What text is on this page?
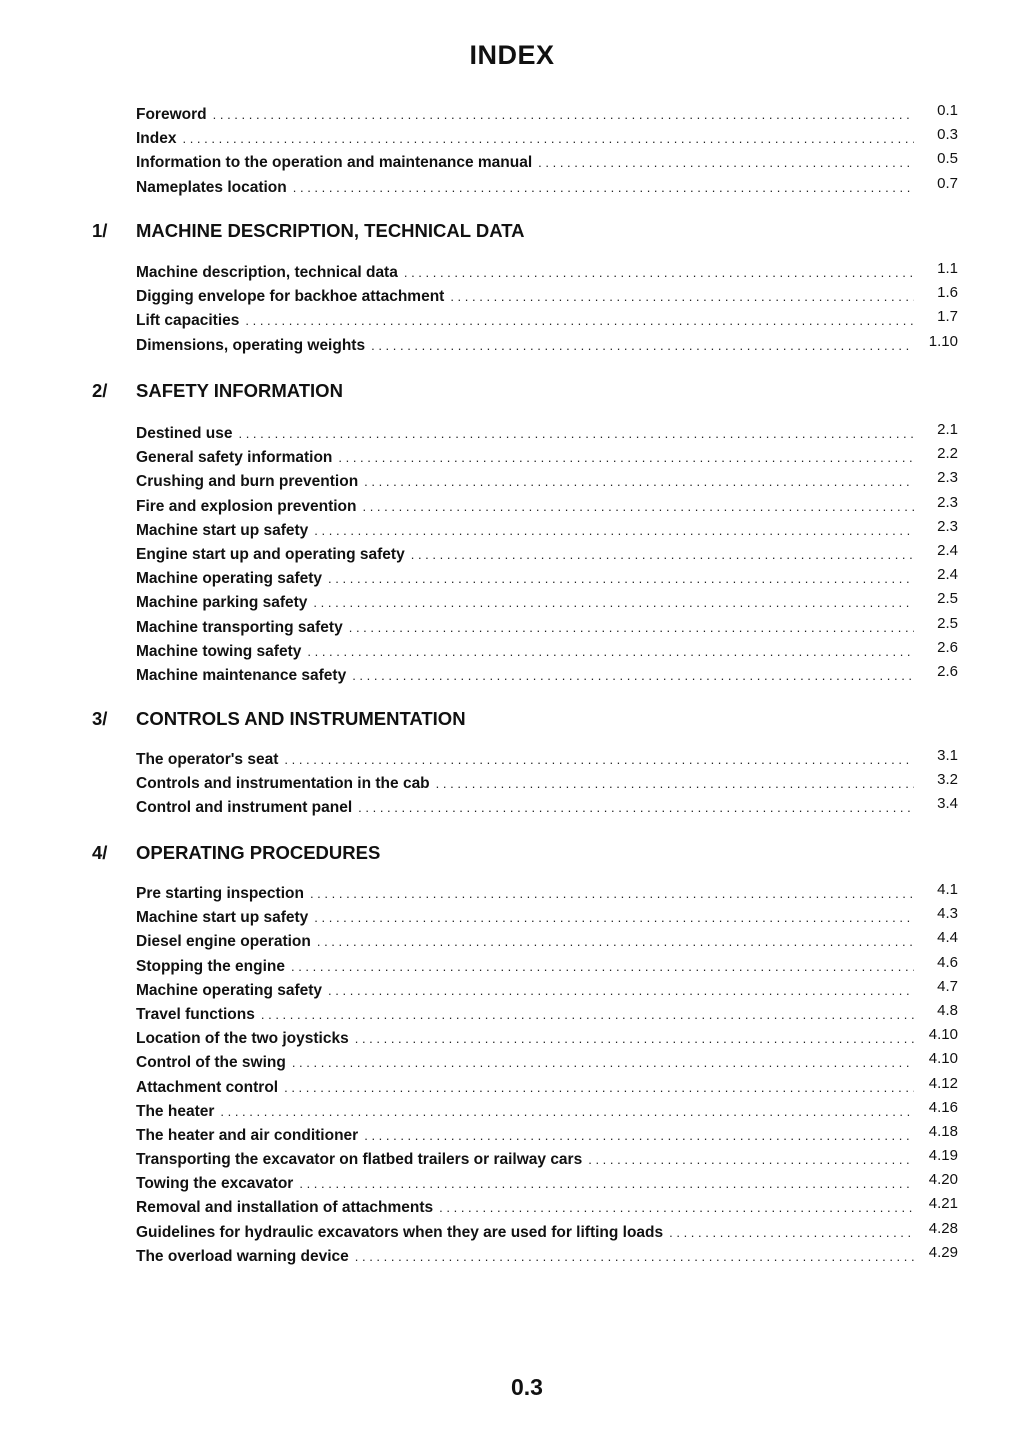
INDEX
Foreword . . .	0.1
Index . . .	0.3
Information to the operation and maintenance manual . . .	0.5
Nameplates location . . .	0.7
1/	MACHINE DESCRIPTION, TECHNICAL DATA
Machine description, technical data . . .	1.1
Digging envelope for backhoe attachment . . .	1.6
Lift capacities . . .	1.7
Dimensions, operating weights . . .	1.10
2/	SAFETY INFORMATION
Destined use . . .	2.1
General safety information . . .	2.2
Crushing and burn prevention . . .	2.3
Fire and explosion prevention . . .	2.3
Machine start up safety . . .	2.3
Engine start up and operating safety . . .	2.4
Machine operating safety . . .	2.4
Machine parking safety . . .	2.5
Machine transporting safety . . .	2.5
Machine towing safety . . .	2.6
Machine maintenance safety . . .	2.6
3/	CONTROLS AND INSTRUMENTATION
The operator's seat . . .	3.1
Controls and instrumentation in the cab . . .	3.2
Control and instrument panel . . .	3.4
4/	OPERATING PROCEDURES
Pre starting inspection . . .	4.1
Machine start up safety . . .	4.3
Diesel engine operation . . .	4.4
Stopping the engine . . .	4.6
Machine operating safety . . .	4.7
Travel functions . . .	4.8
Location of the two joysticks . . .	4.10
Control of the swing . . .	4.10
Attachment control . . .	4.12
The heater . . .	4.16
The heater and air conditioner . . .	4.18
Transporting the excavator on flatbed trailers or railway cars . . .	4.19
Towing the excavator . . .	4.20
Removal and installation of attachments . . .	4.21
Guidelines for hydraulic excavators when they are used for lifting loads . . .	4.28
The overload warning device . . .	4.29
0.3
